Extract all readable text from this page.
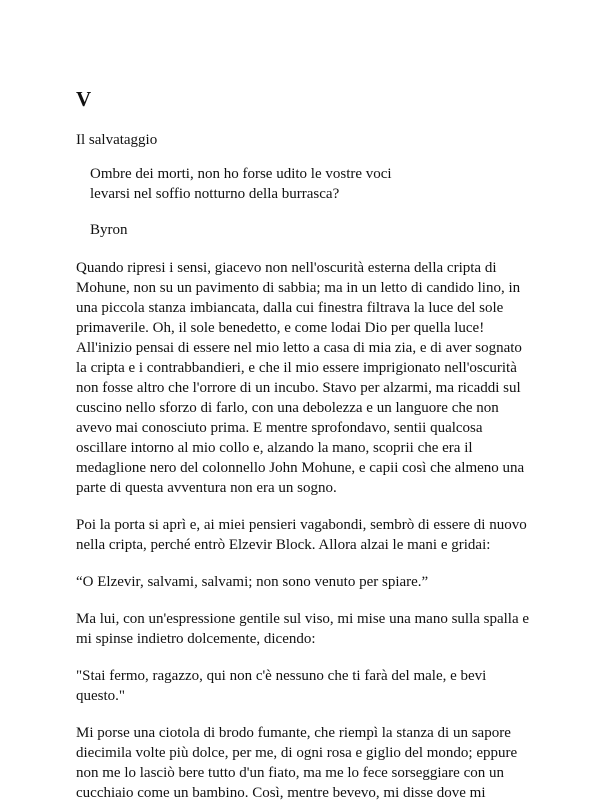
V
Il salvataggio
Ombre dei morti, non ho forse udito le vostre voci
levarsi nel soffio notturno della burrasca?
Byron
Quando ripresi i sensi, giacevo non nell'oscurità esterna della cripta di
Mohune, non su un pavimento di sabbia; ma in un letto di candido lino, in
una piccola stanza imbiancata, dalla cui finestra filtrava la luce del sole
primaverile. Oh, il sole benedetto, e come lodai Dio per quella luce!
All'inizio pensai di essere nel mio letto a casa di mia zia, e di aver sognato
la cripta e i contrabbandieri, e che il mio essere imprigionato nell'oscurità
non fosse altro che l'orrore di un incubo. Stavo per alzarmi, ma ricaddi sul
cuscino nello sforzo di farlo, con una debolezza e un languore che non
avevo mai conosciuto prima. E mentre sprofondavo, sentii qualcosa
oscillare intorno al mio collo e, alzando la mano, scoprii che era il
medaglione nero del colonnello John Mohune, e capii così che almeno una
parte di questa avventura non era un sogno.
Poi la porta si aprì e, ai miei pensieri vagabondi, sembrò di essere di nuovo
nella cripta, perché entrò Elzevir Block. Allora alzai le mani e gridai:
“O Elzevir, salvami, salvami; non sono venuto per spiare.”
Ma lui, con un'espressione gentile sul viso, mi mise una mano sulla spalla e
mi spinse indietro dolcemente, dicendo:
"Stai fermo, ragazzo, qui non c'è nessuno che ti farà del male, e bevi
questo."
Mi porse una ciotola di brodo fumante, che riempì la stanza di un sapore
diecimila volte più dolce, per me, di ogni rosa e giglio del mondo; eppure
non me lo lasciò bere tutto d'un fiato, ma me lo fece sorseggiare con un
cucchiaio come un bambino. Così, mentre bevevo, mi disse dove mi
